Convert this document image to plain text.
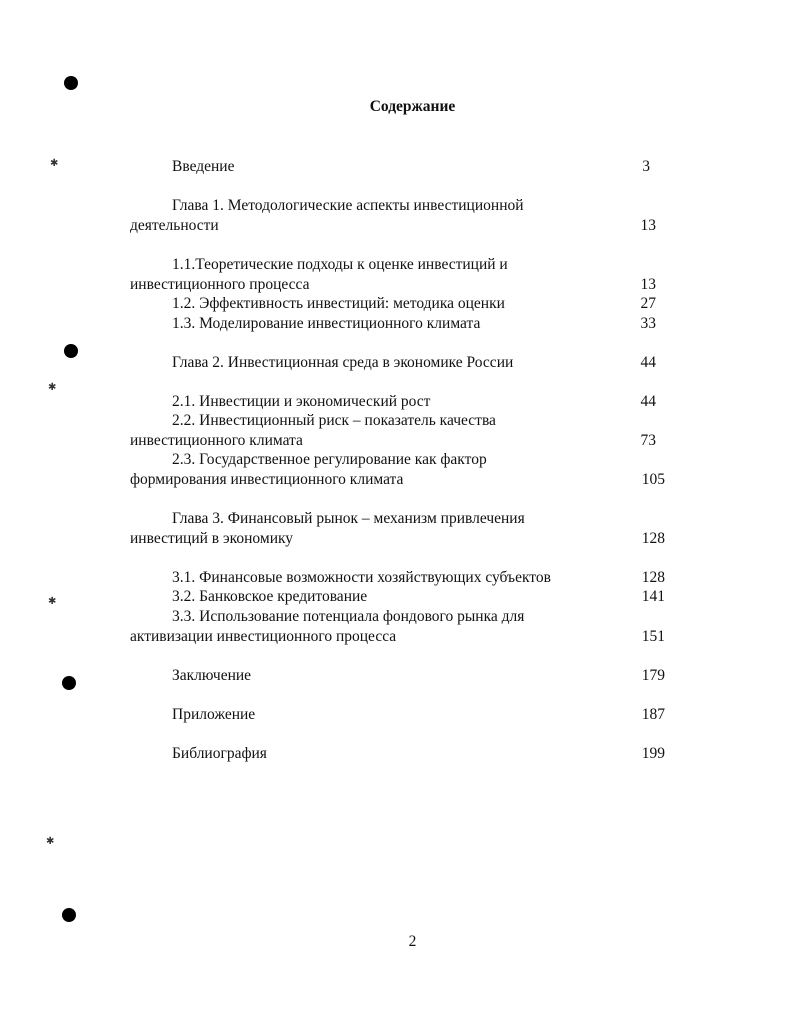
✱
✱
✱
✱
Содержание
Введение	3
Глава 1. Методологические аспекты инвестиционной
деятельности	13
1.1.Теоретические подходы к оценке инвестиций и
инвестиционного процесса	13
1.2. Эффективность инвестиций: методика оценки	27
1.3. Моделирование инвестиционного климата	33
Глава 2. Инвестиционная среда в экономике России	44
2.1. Инвестиции и экономический рост	44
2.2. Инвестиционный риск – показатель качества
инвестиционного климата	73
2.3. Государственное регулирование как фактор
формирования инвестиционного климата	105
Глава 3. Финансовый рынок – механизм привлечения
инвестиций в экономику	128
3.1. Финансовые возможности хозяйствующих субъектов	128
3.2. Банковское кредитование	141
3.3. Использование потенциала фондового рынка для
активизации инвестиционного процесса	151
Заключение	179
Приложение	187
Библиография	199
2
